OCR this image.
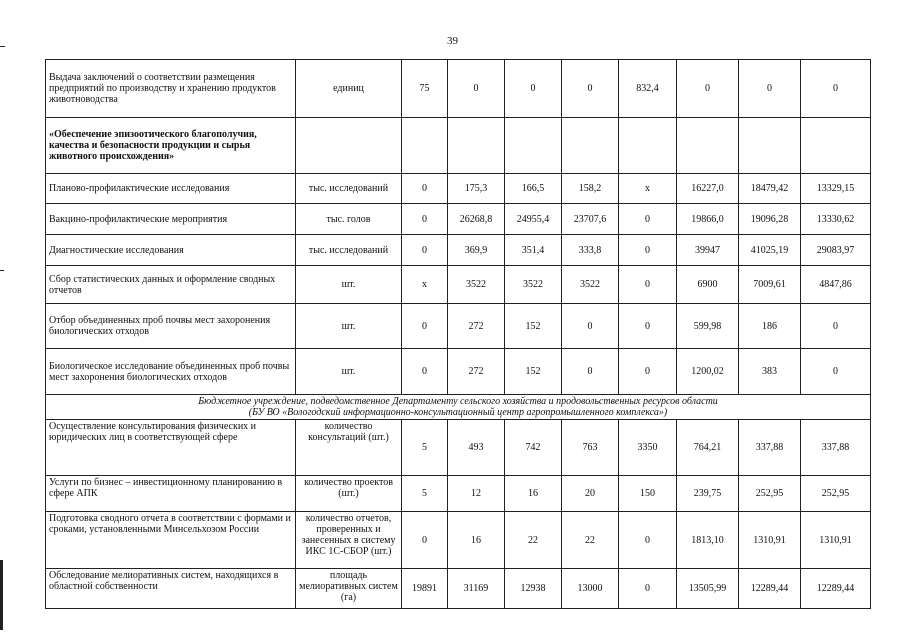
39
Выдача заключений о соответствии размещения предприятий по производству и хранению продуктов животноводства	единиц	75	0	0	0	832,4	0	0	0
«Обеспечение эпизоотического благополучия, качества и безопасности продукции и сырья животного происхождения»									
Планово-профилактические исследования	тыс. исследований	0	175,3	166,5	158,2	х	16227,0	18479,42	13329,15
Вакцино-профилактические мероприятия	тыс. голов	0	26268,8	24955,4	23707,6	0	19866,0	19096,28	13330,62
Диагностические исследования	тыс. исследований	0	369,9	351,4	333,8	0	39947	41025,19	29083,97
Сбор статистических данных и оформление сводных отчетов	шт.	х	3522	3522	3522	0	6900	7009,61	4847,86
Отбор объединенных проб почвы мест захоронения биологических отходов	шт.	0	272	152	0	0	599,98	186	0
Биологическое исследование объединенных проб почвы мест захоронения биологических отходов	шт.	0	272	152	0	0	1200,02	383	0

Бюджетное учреждение, подведомственное Департаменту сельского хозяйства и продовольственных ресурсов области
(БУ ВО «Вологодский информационно-консультационный центр агропромышленного комплекса»)									

Осуществление консультирования физических и юридических лиц в соответствующей сфере	количество консультаций (шт.)	5	493	742	763	3350	764,21	337,88	337,88
Услуги по бизнес – инвестиционному планированию в сфере АПК	количество проектов (шт.)	5	12	16	20	150	239,75	252,95	252,95
Подготовка сводного отчета в соответствии с формами и сроками, установленными Минсельхозом России	количество отчетов, проверенных и занесенных в систему ИКС 1С-СБОР (шт.)	0	16	22	22	0	1813,10	1310,91	1310,91
Обследование мелиоративных систем, находящихся в областной собственности	площадь мелиоративных систем (га)	19891	31169	12938	13000	0	13505,99	12289,44	12289,44
